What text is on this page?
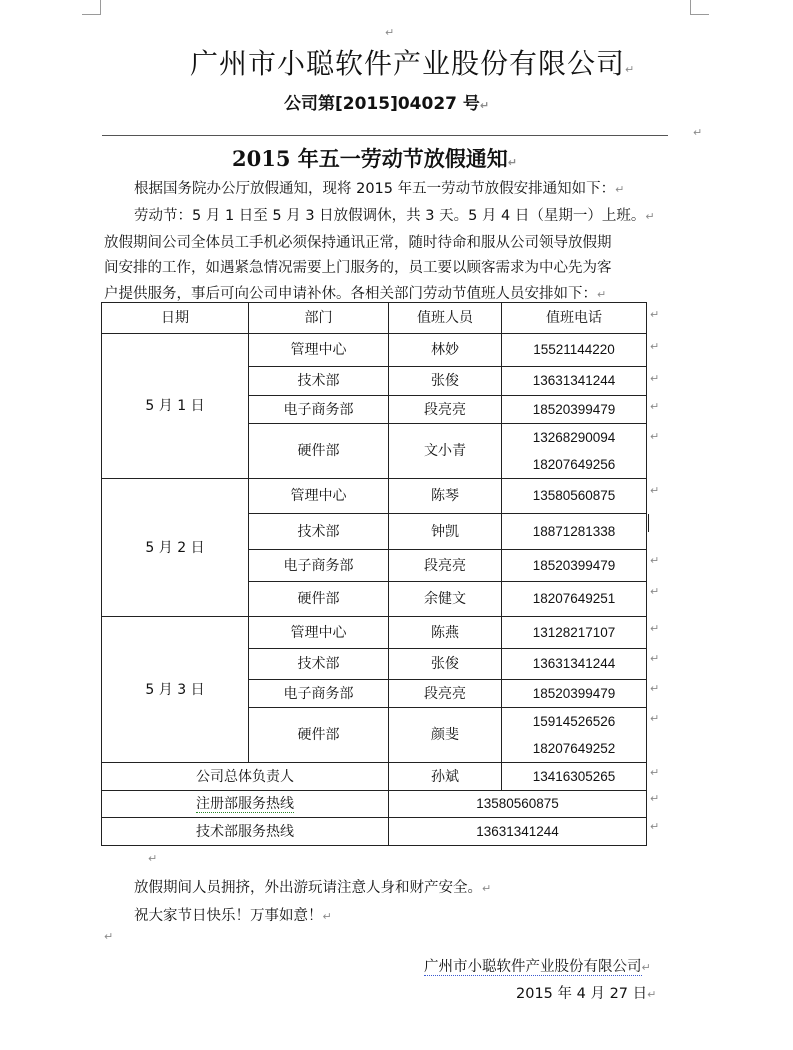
↵
广州市小聪软件产业股份有限公司↵
公司第[2015]04027 号↵
↵
2015 年五一劳动节放假通知↵
根据国务院办公厅放假通知，现将 2015 年五一劳动节放假安排通知如下：↵
劳动节：5 月 1 日至 5 月 3 日放假调休，共 3 天。5 月 4 日（星期一）上班。↵
放假期间公司全体员工手机必须保持通讯正常，随时待命和服从公司领导放假期
间安排的工作，如遇紧急情况需要上门服务的，员工要以顾客需求为中心先为客
户提供服务，事后可向公司申请补休。各相关部门劳动节值班人员安排如下：↵
日期	部门	值班人员	值班电话
5 月 1 日	管理中心	林妙	15521144220
	技术部	张俊	13631341244
	电子商务部	段亮亮	18520399479
	硬件部	文小青	13268290094
18207649256

5 月 2 日	管理中心	陈琴	13580560875
	技术部	钟凯	18871281338
	电子商务部	段亮亮	18520399479
	硬件部	余健文	18207649251
5 月 3 日	管理中心	陈燕	13128217107
	技术部	张俊	13631341244
	电子商务部	段亮亮	18520399479
	硬件部	颜斐	15914526526
18207649252

公司总体负责人		孙斌	13416305265
注册部服务热线		13580560875	
技术部服务热线		13631341244	
↵
↵
↵
↵
↵
↵
↵
↵
↵
↵
↵
↵
↵
↵
↵
↵
放假期间人员拥挤，外出游玩请注意人身和财产安全。↵
祝大家节日快乐！万事如意！↵
↵
广州市小聪软件产业股份有限公司↵
2015 年 4 月 27 日↵
